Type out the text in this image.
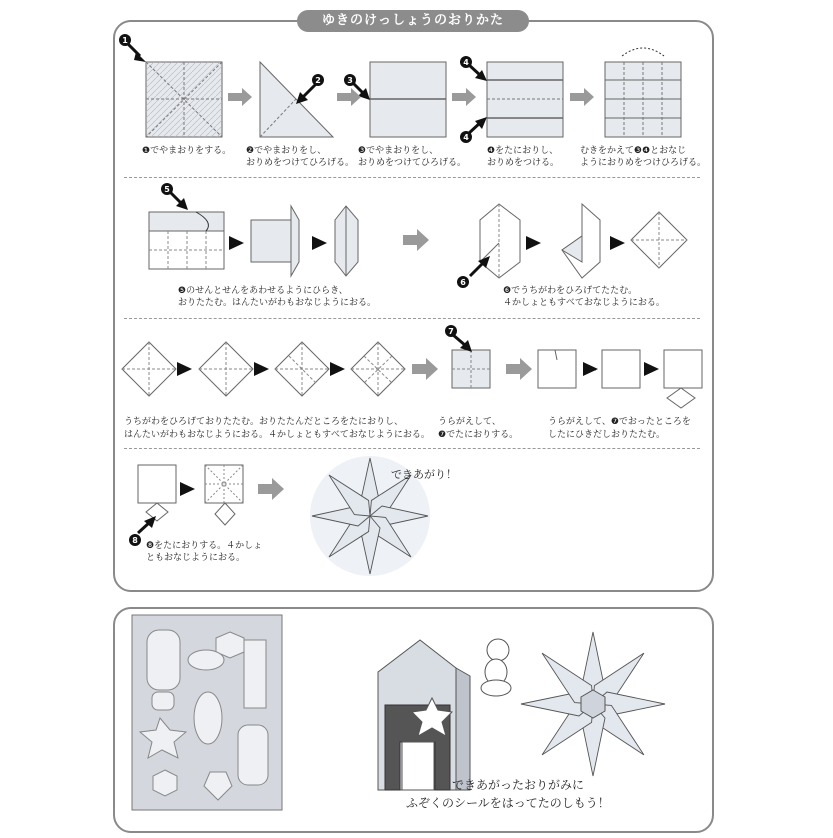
ゆきのけっしょうのおりかた
1
2	3
4
4
5
6
7
8
❶でやまおりをする。 ❷でやまおりをし、
おりめをつけてひろげる。
❸でやまおりをし、
おりめをつけてひろげる。
❹をたにおりし、
おりめをつける。
むきをかえて❸❹とおなじ
ようにおりめをつけひろげる。
❺のせんとせんをあわせるようにひらき、
おりたたむ。はんたいがわもおなじようにおる。
❻でうちがわをひろげてたたむ。
４かしょともすべておなじようにおる。
うちがわをひろげておりたたむ。おりたたんだところをたにおりし、
はんたいがわもおなじようにおる。４かしょともすべておなじようにおる。
うらがえして、
❼でたにおりする。
うらがえして、❼でおったところを
したにひきだしおりたたむ。
❽をたにおりする。４かしょ
ともおなじようにおる。
できあがり！
できあがったおりがみに
ふぞくのシールをはってたのしもう！
